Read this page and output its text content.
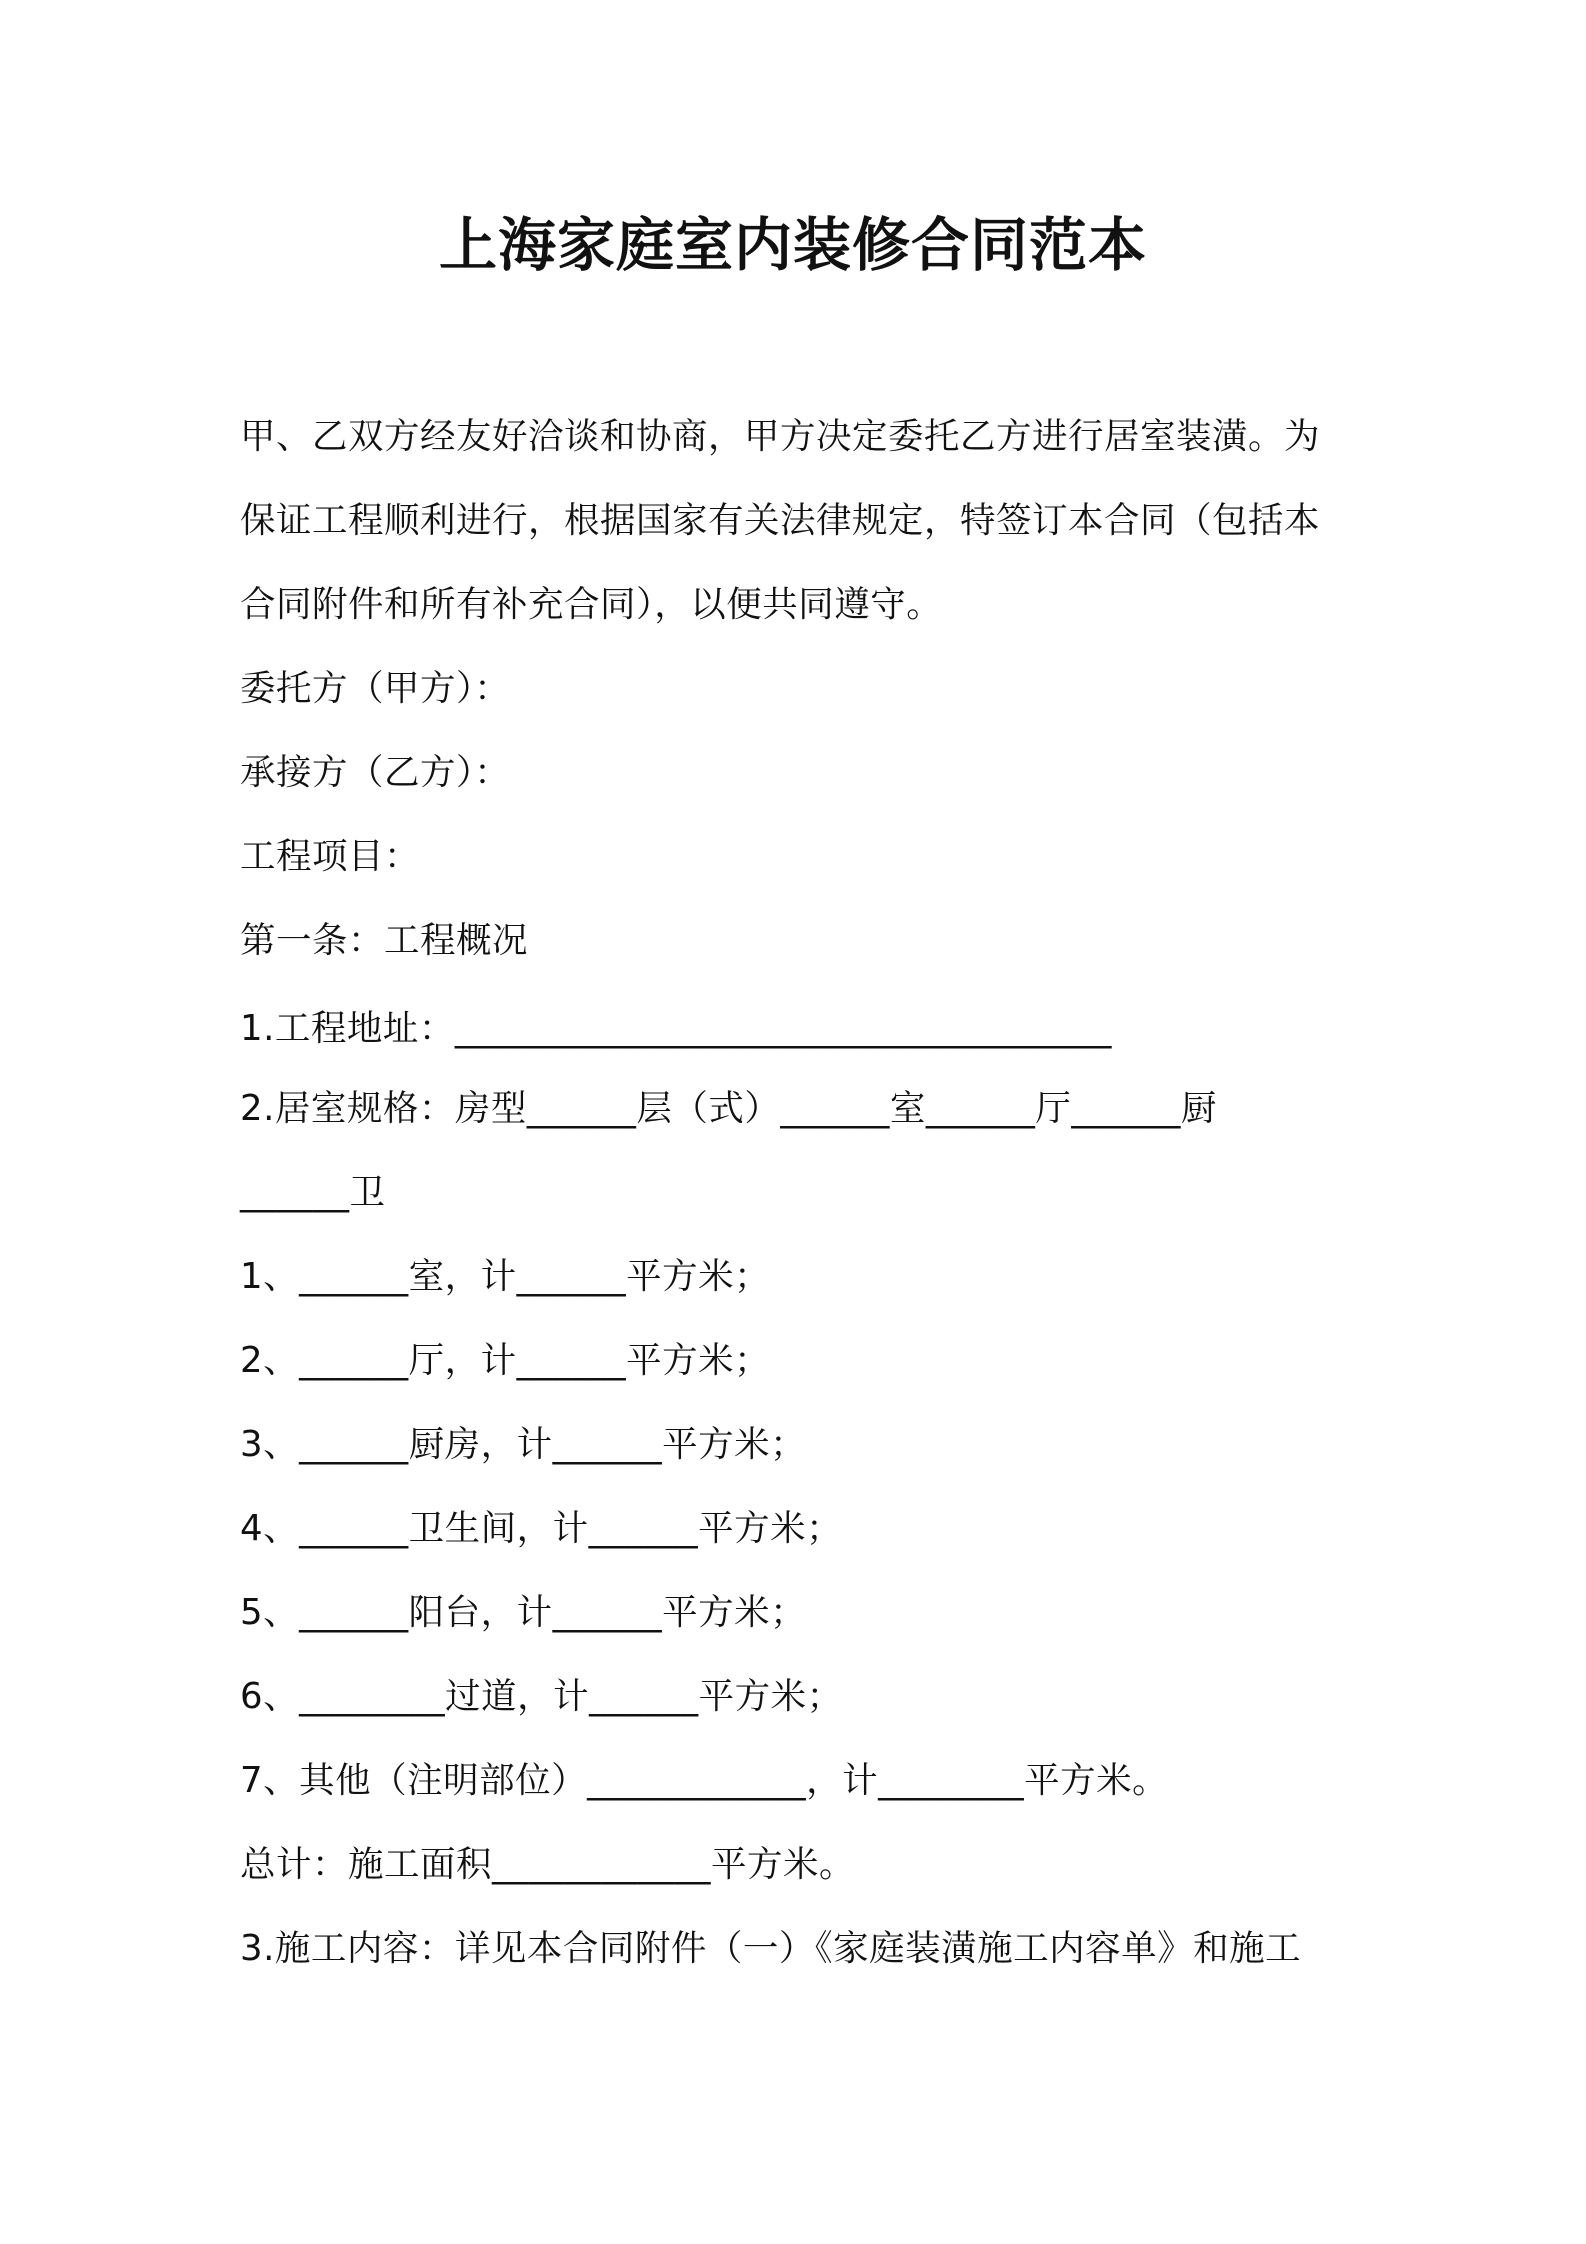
上海家庭室内装修合同范本
甲、乙双方经友好洽谈和协商，甲方决定委托乙方进行居室装潢。为
保证工程顺利进行，根据国家有关法律规定，特签订本合同（包括本
合同附件和所有补充合同），以便共同遵守。
委托方（甲方）：
承接方（乙方）：
工程项目：
第一条：工程概况
1.工程地址：____________________________________
2.居室规格：房型______层（式）______室______厅______厨
______卫
1、______室，计______平方米；
2、______厅，计______平方米；
3、______厨房，计______平方米；
4、______卫生间，计______平方米；
5、______阳台，计______平方米；
6、________过道，计______平方米；
7、其他（注明部位）____________，计________平方米。
总计：施工面积____________平方米。
3.施工内容：详见本合同附件（一）《家庭装潢施工内容单》和施工
